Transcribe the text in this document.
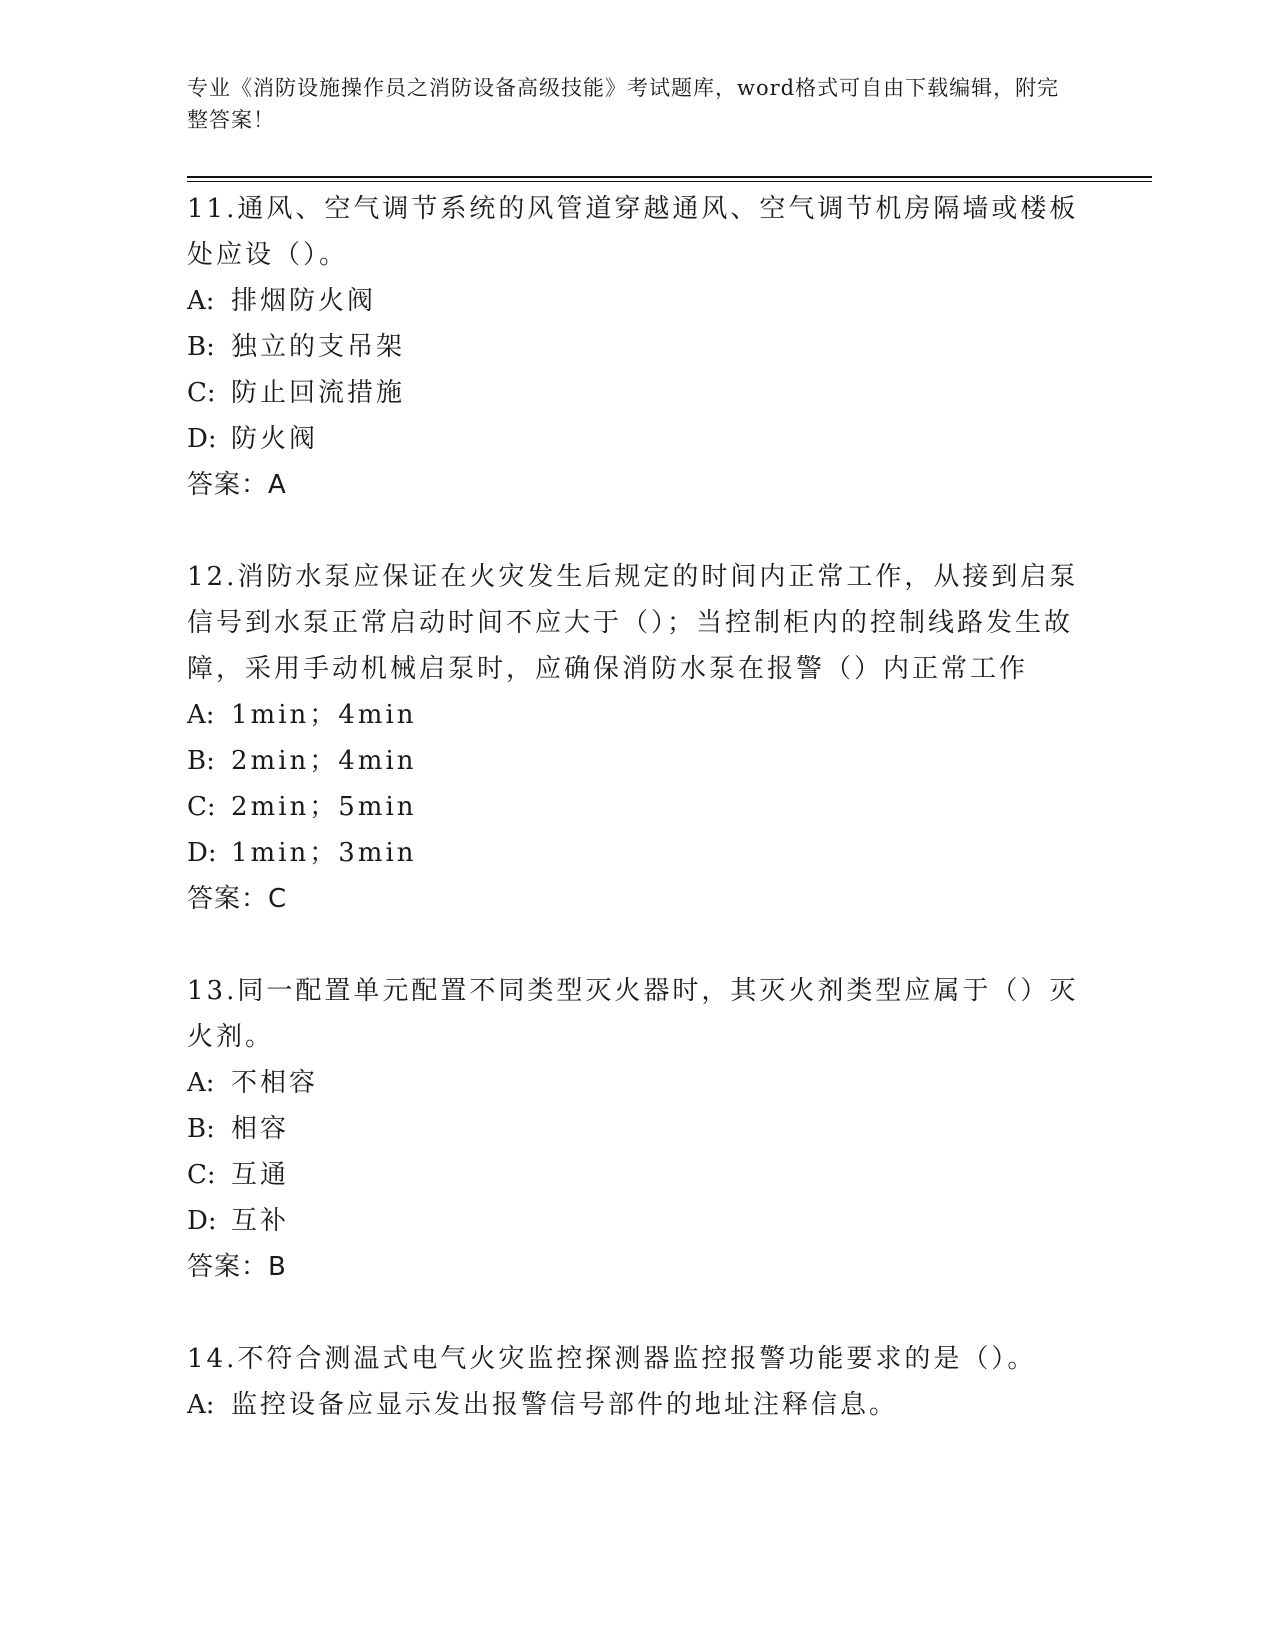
专业《消防设施操作员之消防设备高级技能》考试题库，word格式可自由下载编辑，附完整答案！

11.通风、空气调节系统的风管道穿越通风、空气调节机房隔墙或楼板处应设（）。

A: 排烟防火阀

B: 独立的支吊架

C: 防止回流措施

D: 防火阀

答案：A

12.消防水泵应保证在火灾发生后规定的时间内正常工作，从接到启泵信号到水泵正常启动时间不应大于（）；当控制柜内的控制线路发生故障，采用手动机械启泵时，应确保消防水泵在报警（）内正常工作

A: 1min；4min

B: 2min；4min

C: 2min；5min

D: 1min；3min

答案：C

13.同一配置单元配置不同类型灭火器时，其灭火剂类型应属于（）灭火剂。

A: 不相容

B: 相容

C: 互通

D: 互补

答案：B

14.不符合测温式电气火灾监控探测器监控报警功能要求的是（）。

A: 监控设备应显示发出报警信号部件的地址注释信息。
